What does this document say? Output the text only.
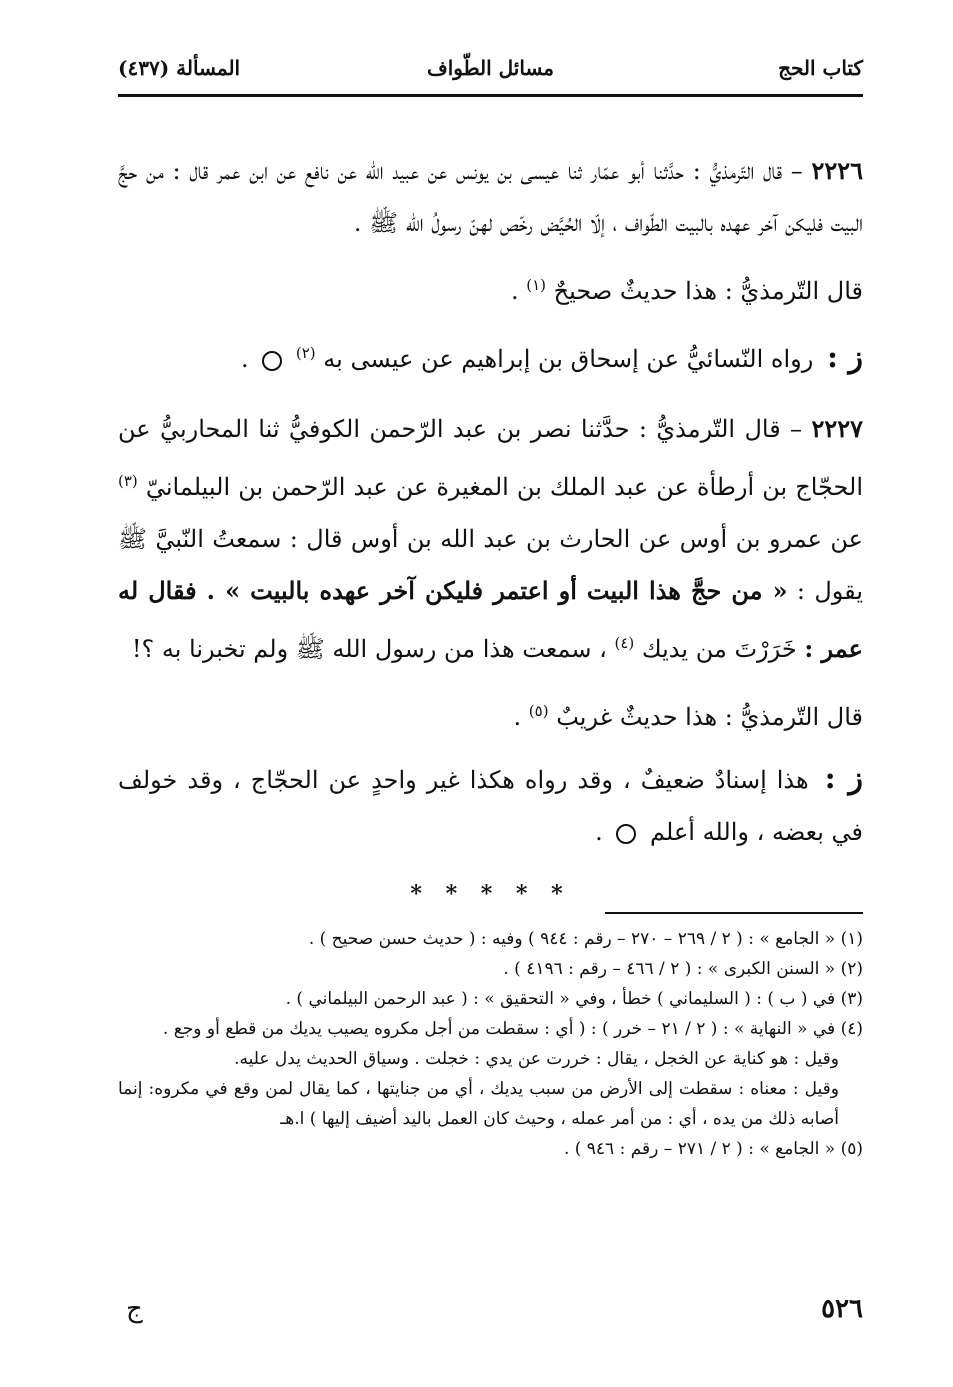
كتاب الحج
مسائل الطّواف
المسألة (٤٣٧)

٢٢٢٦ – قال التّرمذيُّ : حدَّثنا أبو عمّار ثنا عيسى بن يونس عن عبيد الله عن نافع عن ابن عمر قال : من حجَّ البيت فليكن آخر عهده بالبيت الطّواف ، إلّا الحُيَّض رخّص لهنّ رسولُ الله ﷺ .

قال التّرمذيُّ : هذا حديثٌ صحيحٌ $^{(١)}$ .

ز : رواه النّسائيُّ عن إسحاق بن إبراهيم عن عيسى به $^{(٢)}$  .

٢٢٢٧ – قال التّرمذيُّ : حدَّثنا نصر بن عبد الرّحمن الكوفيُّ ثنا المحاربيُّ عن الحجّاج بن أرطأة عن عبد الملك بن المغيرة عن عبد الرّحمن بن البيلمانيّ $^{(٣)}$ عن عمرو بن أوس عن الحارث بن عبد الله بن أوس قال : سمعتُ النّبيَّ ﷺ يقول : « من حجَّ هذا البيت أو اعتمر فليكن آخر عهده بالبيت » . فقال له عمر : خَرَرْتَ من يديك $^{(٤)}$ ، سمعت هذا من رسول الله ﷺ ولم تخبرنا به ؟!

قال التّرمذيُّ : هذا حديثٌ غريبٌ $^{(٥)}$ .

ز : هذا إسنادٌ ضعيفٌ ، وقد رواه هكذا غير واحدٍ عن الحجّاج ، وقد خولف في بعضه ، والله أعلم  .

* * * * *

(١) « الجامع » : ( ٢ / ٢٦٩ – ٢٧٠ – رقم : ٩٤٤ ) وفيه : ( حديث حسن صحيح ) .

(٢) « السنن الكبرى » : ( ٢ / ٤٦٦ – رقم : ٤١٩٦ ) .

(٣) في ( ب ) : ( السليماني ) خطأ ، وفي « التحقيق » : ( عبد الرحمن البيلماني ) .

(٤) في « النهاية » : ( ٢ / ٢١ – خرر ) : ( أي : سقطت من أجل مكروه يصيب يديك من قطع أو وجع .

وقيل : هو كناية عن الخجل ، يقال : خررت عن يدي : خجلت . وسياق الحديث يدل عليه.

وقيل : معناه : سقطت إلى الأرض من سبب يديك ، أي من جنايتها ، كما يقال لمن وقع في مكروه: إنما أصابه ذلك من يده ، أي : من أمر عمله ، وحيث كان العمل باليد أضيف إليها ) ا.هـ

(٥) « الجامع » : ( ٢ / ٢٧١ – رقم : ٩٤٦ ) .

٥٢٦
ج
